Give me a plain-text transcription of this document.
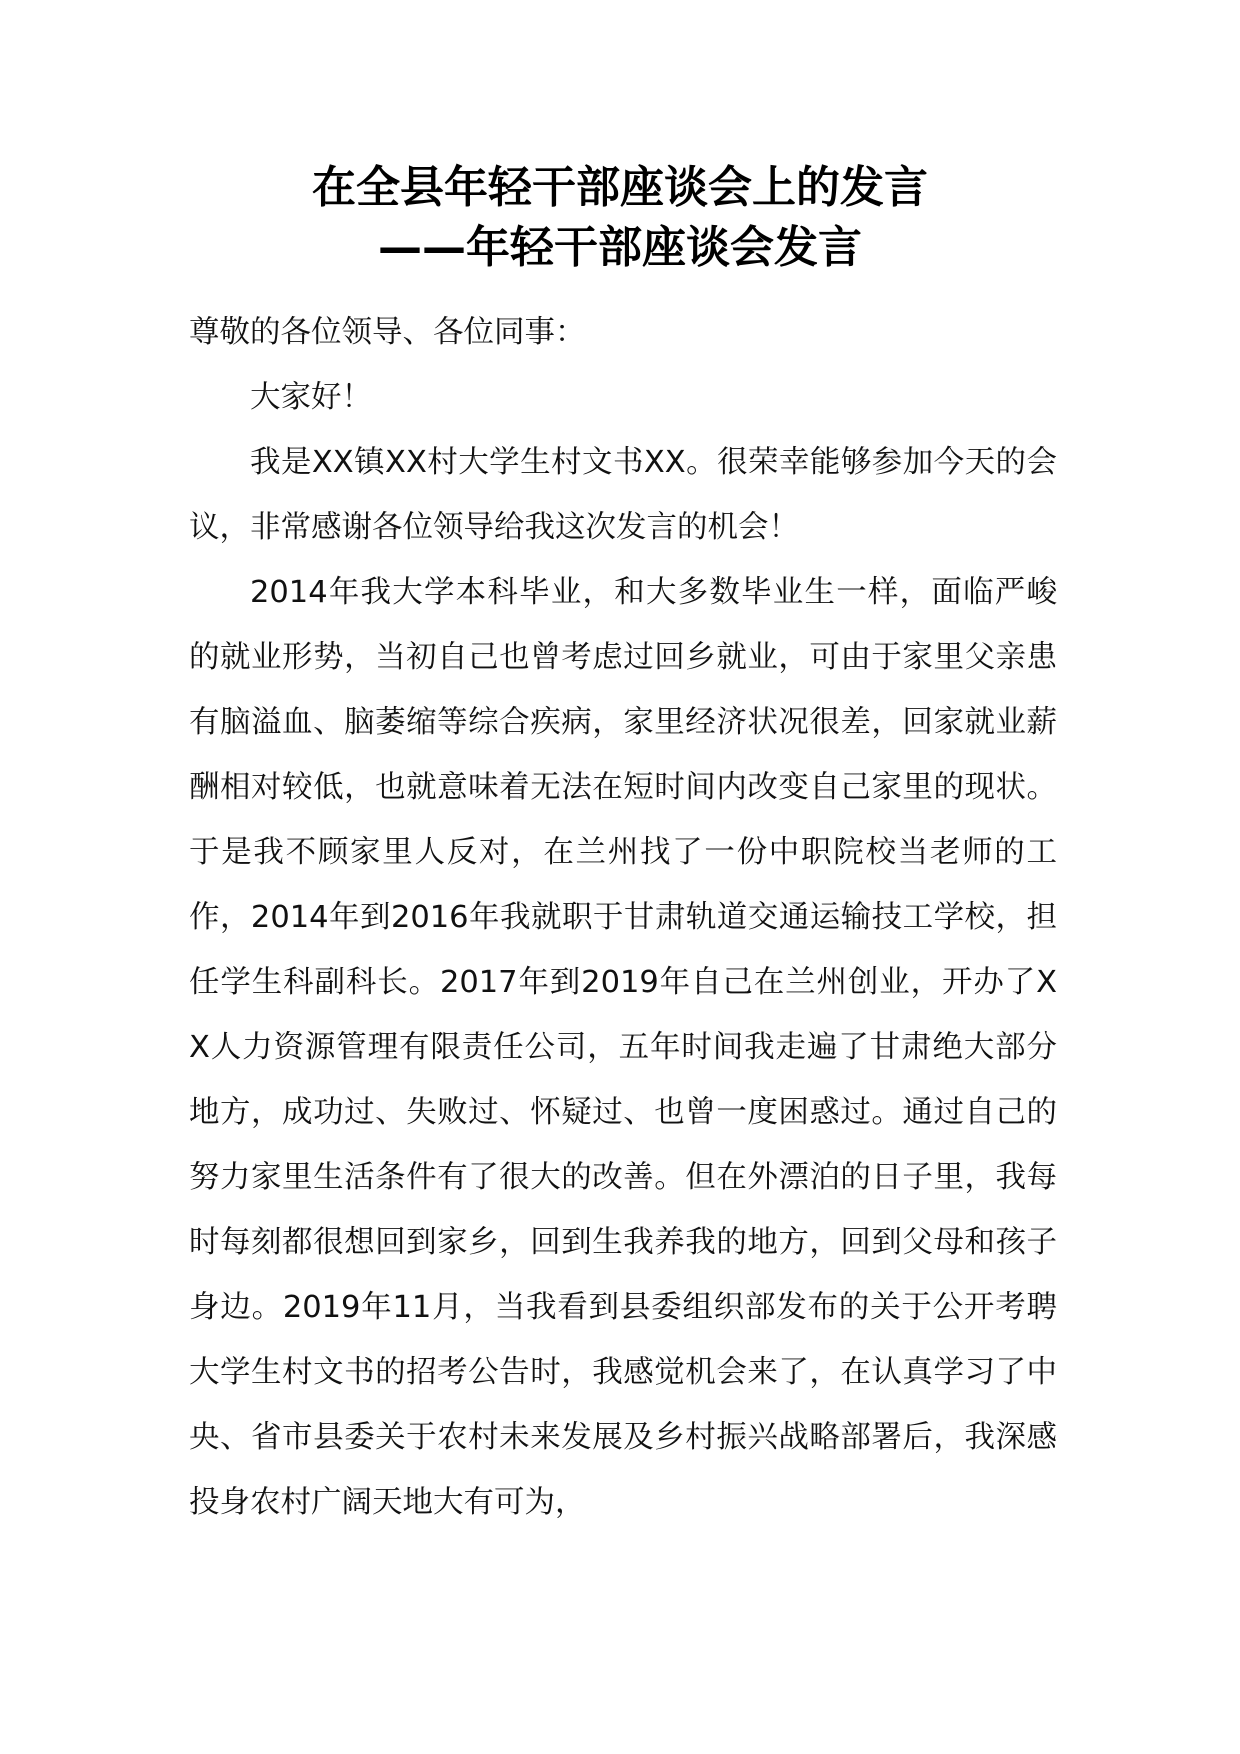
在全县年轻干部座谈会上的发言
——年轻干部座谈会发言

尊敬的各位领导、各位同事：

大家好！

我是XX镇XX村大学生村文书XX。很荣幸能够参加今天的会议，非常感谢各位领导给我这次发言的机会！

2014年我大学本科毕业，和大多数毕业生一样，面临严峻的就业形势，当初自己也曾考虑过回乡就业，可由于家里父亲患有脑溢血、脑萎缩等综合疾病，家里经济状况很差，回家就业薪酬相对较低，也就意味着无法在短时间内改变自己家里的现状。于是我不顾家里人反对，在兰州找了一份中职院校当老师的工作，2014年到2016年我就职于甘肃轨道交通运输技工学校，担任学生科副科长。2017年到2019年自己在兰州创业，开办了XX人力资源管理有限责任公司，五年时间我走遍了甘肃绝大部分地方，成功过、失败过、怀疑过、也曾一度困惑过。通过自己的努力家里生活条件有了很大的改善。但在外漂泊的日子里，我每时每刻都很想回到家乡，回到生我养我的地方，回到父母和孩子身边。2019年11月，当我看到县委组织部发布的关于公开考聘大学生村文书的招考公告时，我感觉机会来了，在认真学习了中央、省市县委关于农村未来发展及乡村振兴战略部署后，我深感投身农村广阔天地大有可为，
